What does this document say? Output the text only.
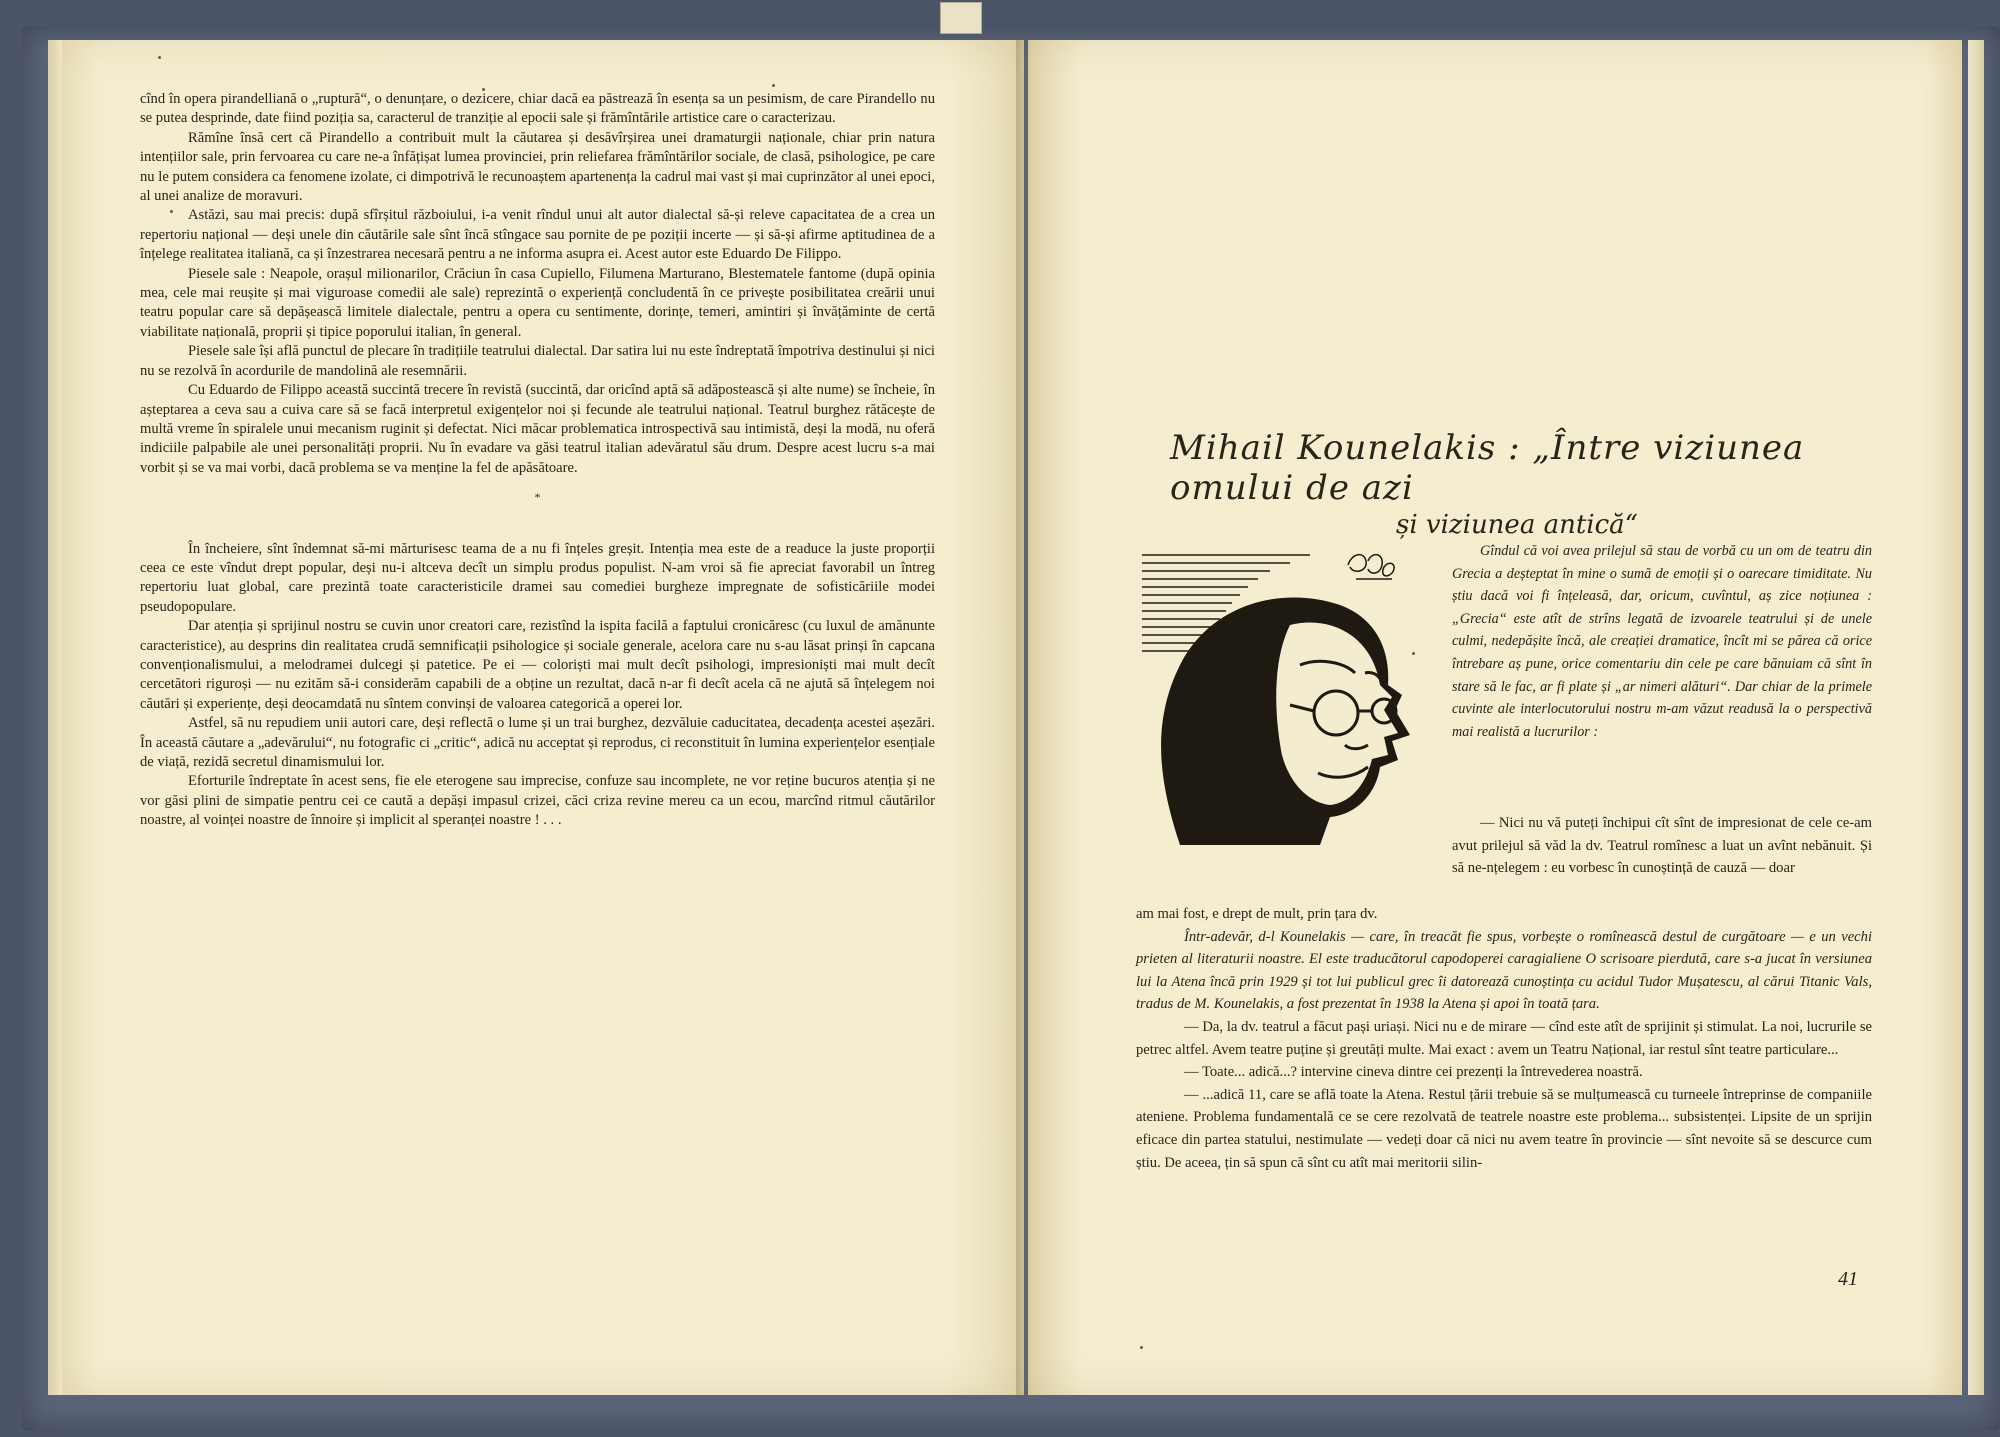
cînd în opera pirandelliană o „ruptură“, o denunțare, o dezicere, chiar dacă ea păstrează în esența sa un pesimism, de care Pirandello nu se putea desprinde, date fiind poziția sa, caracterul de tranziție al epocii sale și frămîntările artistice care o caracterizau.

Rămîne însă cert că Pirandello a contribuit mult la căutarea și desăvîrșirea unei dramaturgii naționale, chiar prin natura intențiilor sale, prin fervoarea cu care ne-a înfățișat lumea provinciei, prin reliefarea frămîntărilor sociale, de clasă, psihologice, pe care nu le putem considera ca fenomene izolate, ci dimpotrivă le recunoaștem apartenența la cadrul mai vast și mai cuprinzător al unei epoci, al unei analize de moravuri.

Astăzi, sau mai precis: după sfîrșitul războiului, i-a venit rîndul unui alt autor dialectal să-și releve capacitatea de a crea un repertoriu național — deși unele din căutările sale sînt încă stîngace sau pornite de pe poziții incerte — și să-și afirme aptitudinea de a înțelege realitatea italiană, ca și înzestrarea necesară pentru a ne informa asupra ei. Acest autor este Eduardo De Filippo.

Piesele sale : Neapole, orașul milionarilor, Crăciun în casa Cupiello, Filumena Marturano, Blestematele fantome (după opinia mea, cele mai reușite și mai viguroase comedii ale sale) reprezintă o experiență concludentă în ce privește posibilitatea creării unui teatru popular care să depășească limitele dialectale, pentru a opera cu sentimente, dorințe, temeri, amintiri și învățăminte de certă viabilitate națională, proprii și tipice poporului italian, în general.

Piesele sale își află punctul de plecare în tradițiile teatrului dialectal. Dar satira lui nu este îndreptată împotriva destinului și nici nu se rezolvă în acordurile de mandolină ale resemnării.

Cu Eduardo de Filippo această succintă trecere în revistă (succintă, dar oricînd aptă să adăpostească și alte nume) se încheie, în așteptarea a ceva sau a cuiva care să se facă interpretul exigențelor noi și fecunde ale teatrului național. Teatrul burghez rătăcește de multă vreme în spiralele unui mecanism ruginit și defectat. Nici măcar problematica introspectivă sau intimistă, deși la modă, nu oferă indiciile palpabile ale unei personalități proprii. Nu în evadare va găsi teatrul italian adevăratul său drum. Despre acest lucru s-a mai vorbit și se va mai vorbi, dacă problema se va menține la fel de apăsătoare.

*

În încheiere, sînt îndemnat să-mi mărturisesc teama de a nu fi înțeles greșit. Intenția mea este de a readuce la juste proporții ceea ce este vîndut drept popular, deși nu-i altceva decît un simplu produs populist. N-am vroi să fie apreciat favorabil un întreg repertoriu luat global, care prezintă toate caracteristicile dramei sau comediei burgheze impregnate de sofisticăriile modei pseudopopulare.

Dar atenția și sprijinul nostru se cuvin unor creatori care, rezistînd la ispita facilă a faptului cronicăresc (cu luxul de amănunte caracteristice), au desprins din realitatea crudă semnificații psihologice și sociale generale, acelora care nu s-au lăsat prinși în capcana convenționalismului, a melodramei dulcegi și patetice. Pe ei — coloriști mai mult decît psihologi, impresioniști mai mult decît cercetători riguroși — nu ezităm să-i considerăm capabili de a obține un rezultat, dacă n-ar fi decît acela că ne ajută să înțelegem noi căutări și experiențe, deși deocamdată nu sîntem convinși de valoarea categorică a operei lor.

Astfel, să nu repudiem unii autori care, deși reflectă o lume și un trai burghez, dezvăluie caducitatea, decadența acestei așezări. În această căutare a „adevărului“, nu fotografic ci „critic“, adică nu acceptat și reprodus, ci reconstituit în lumina experiențelor esențiale de viață, rezidă secretul dinamismului lor.

Eforturile îndreptate în acest sens, fie ele eterogene sau imprecise, confuze sau incomplete, ne vor reține bucuros atenția și ne vor găsi plini de simpatie pentru cei ce caută a depăși impasul crizei, căci criza revine mereu ca un ecou, marcînd ritmul căutărilor noastre, al voinței noastre de înnoire și implicit al speranței noastre ! . . .

Mihail Kounelakis : „Între viziunea omului de azi
și viziunea antică“

Gîndul că voi avea prilejul să stau de vorbă cu un om de teatru din Grecia a deșteptat în mine o sumă de emoții și o oarecare timiditate. Nu știu dacă voi fi înțeleasă, dar, oricum, cuvîntul, aș zice noțiunea : „Grecia“ este atît de strîns legată de izvoarele teatrului și de unele culmi, nedepășite încă, ale creației dramatice, încît mi se părea că orice întrebare aș pune, orice comentariu din cele pe care bănuiam că sînt în stare să le fac, ar fi plate și „ar nimeri alături“. Dar chiar de la primele cuvinte ale interlocutorului nostru m-am văzut readusă la o perspectivă mai realistă a lucrurilor :

— Nici nu vă puteți închipui cît sînt de impresionat de cele ce-am avut prilejul să văd la dv. Teatrul romînesc a luat un avînt nebănuit. Și să ne-nțelegem : eu vorbesc în cunoștință de cauză — doar

am mai fost, e drept de mult, prin țara dv.

Într-adevăr, d-l Kounelakis — care, în treacăt fie spus, vorbește o romînească destul de curgătoare — e un vechi prieten al literaturii noastre. El este traducătorul capodoperei caragialiene O scrisoare pierdută, care s-a jucat în versiunea lui la Atena încă prin 1929 și tot lui publicul grec îi datorează cunoștința cu acidul Tudor Mușatescu, al cărui Titanic Vals, tradus de M. Kounelakis, a fost prezentat în 1938 la Atena și apoi în toată țara.

— Da, la dv. teatrul a făcut pași uriași. Nici nu e de mirare — cînd este atît de sprijinit și stimulat. La noi, lucrurile se petrec altfel. Avem teatre puține și greutăți multe. Mai exact : avem un Teatru Național, iar restul sînt teatre particulare...

— Toate... adică...? intervine cineva dintre cei prezenți la întrevederea noastră.

— ...adică 11, care se află toate la Atena. Restul țării trebuie să se mulțumească cu turneele întreprinse de companiile ateniene. Problema fundamentală ce se cere rezolvată de teatrele noastre este problema... subsistenței. Lipsite de un sprijin eficace din partea statului, nestimulate — vedeți doar că nici nu avem teatre în provincie — sînt nevoite să se descurce cum știu. De aceea, țin să spun că sînt cu atît mai meritorii silin-

41
